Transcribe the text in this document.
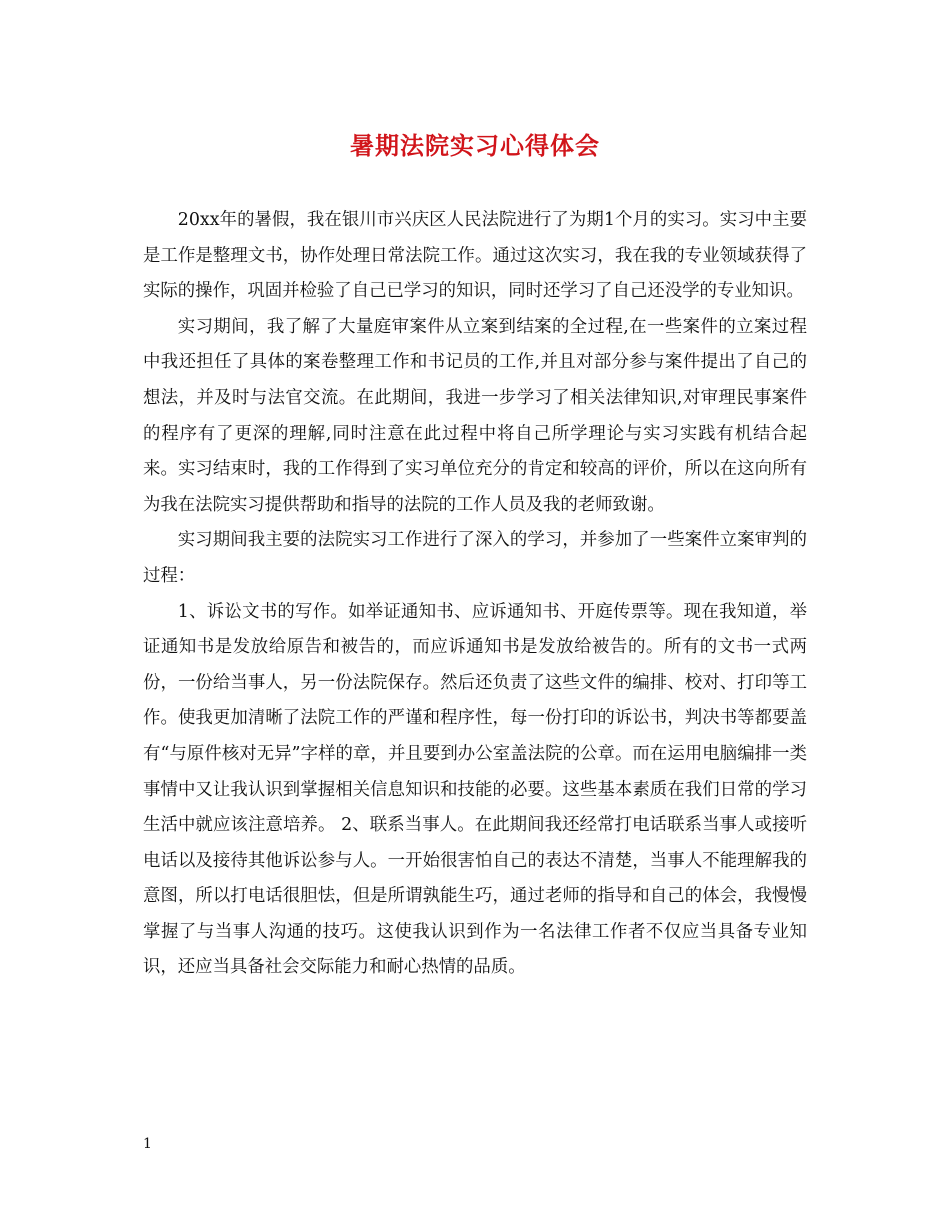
暑期法院实习心得体会

20xx年的暑假，我在银川市兴庆区人民法院进行了为期1个月的实习。实习中主要是工作是整理文书，协作处理日常法院工作。通过这次实习，我在我的专业领域获得了实际的操作，巩固并检验了自己已学习的知识，同时还学习了自己还没学的专业知识。

实习期间，我了解了大量庭审案件从立案到结案的全过程,在一些案件的立案过程中我还担任了具体的案卷整理工作和书记员的工作,并且对部分参与案件提出了自己的想法，并及时与法官交流。在此期间，我进一步学习了相关法律知识,对审理民事案件的程序有了更深的理解,同时注意在此过程中将自己所学理论与实习实践有机结合起来。实习结束时，我的工作得到了实习单位充分的肯定和较高的评价，所以在这向所有为我在法院实习提供帮助和指导的法院的工作人员及我的老师致谢。

实习期间我主要的法院实习工作进行了深入的学习，并参加了一些案件立案审判的过程：

1、诉讼文书的写作。如举证通知书、应诉通知书、开庭传票等。现在我知道，举证通知书是发放给原告和被告的，而应诉通知书是发放给被告的。所有的文书一式两份，一份给当事人，另一份法院保存。然后还负责了这些文件的编排、校对、打印等工作。使我更加清晰了法院工作的严谨和程序性，每一份打印的诉讼书，判决书等都要盖有“与原件核对无异”字样的章，并且要到办公室盖法院的公章。而在运用电脑编排一类事情中又让我认识到掌握相关信息知识和技能的必要。这些基本素质在我们日常的学习生活中就应该注意培养。 2、联系当事人。在此期间我还经常打电话联系当事人或接听电话以及接待其他诉讼参与人。一开始很害怕自己的表达不清楚，当事人不能理解我的意图，所以打电话很胆怯，但是所谓孰能生巧，通过老师的指导和自己的体会，我慢慢掌握了与当事人沟通的技巧。这使我认识到作为一名法律工作者不仅应当具备专业知识，还应当具备社会交际能力和耐心热情的品质。

1
